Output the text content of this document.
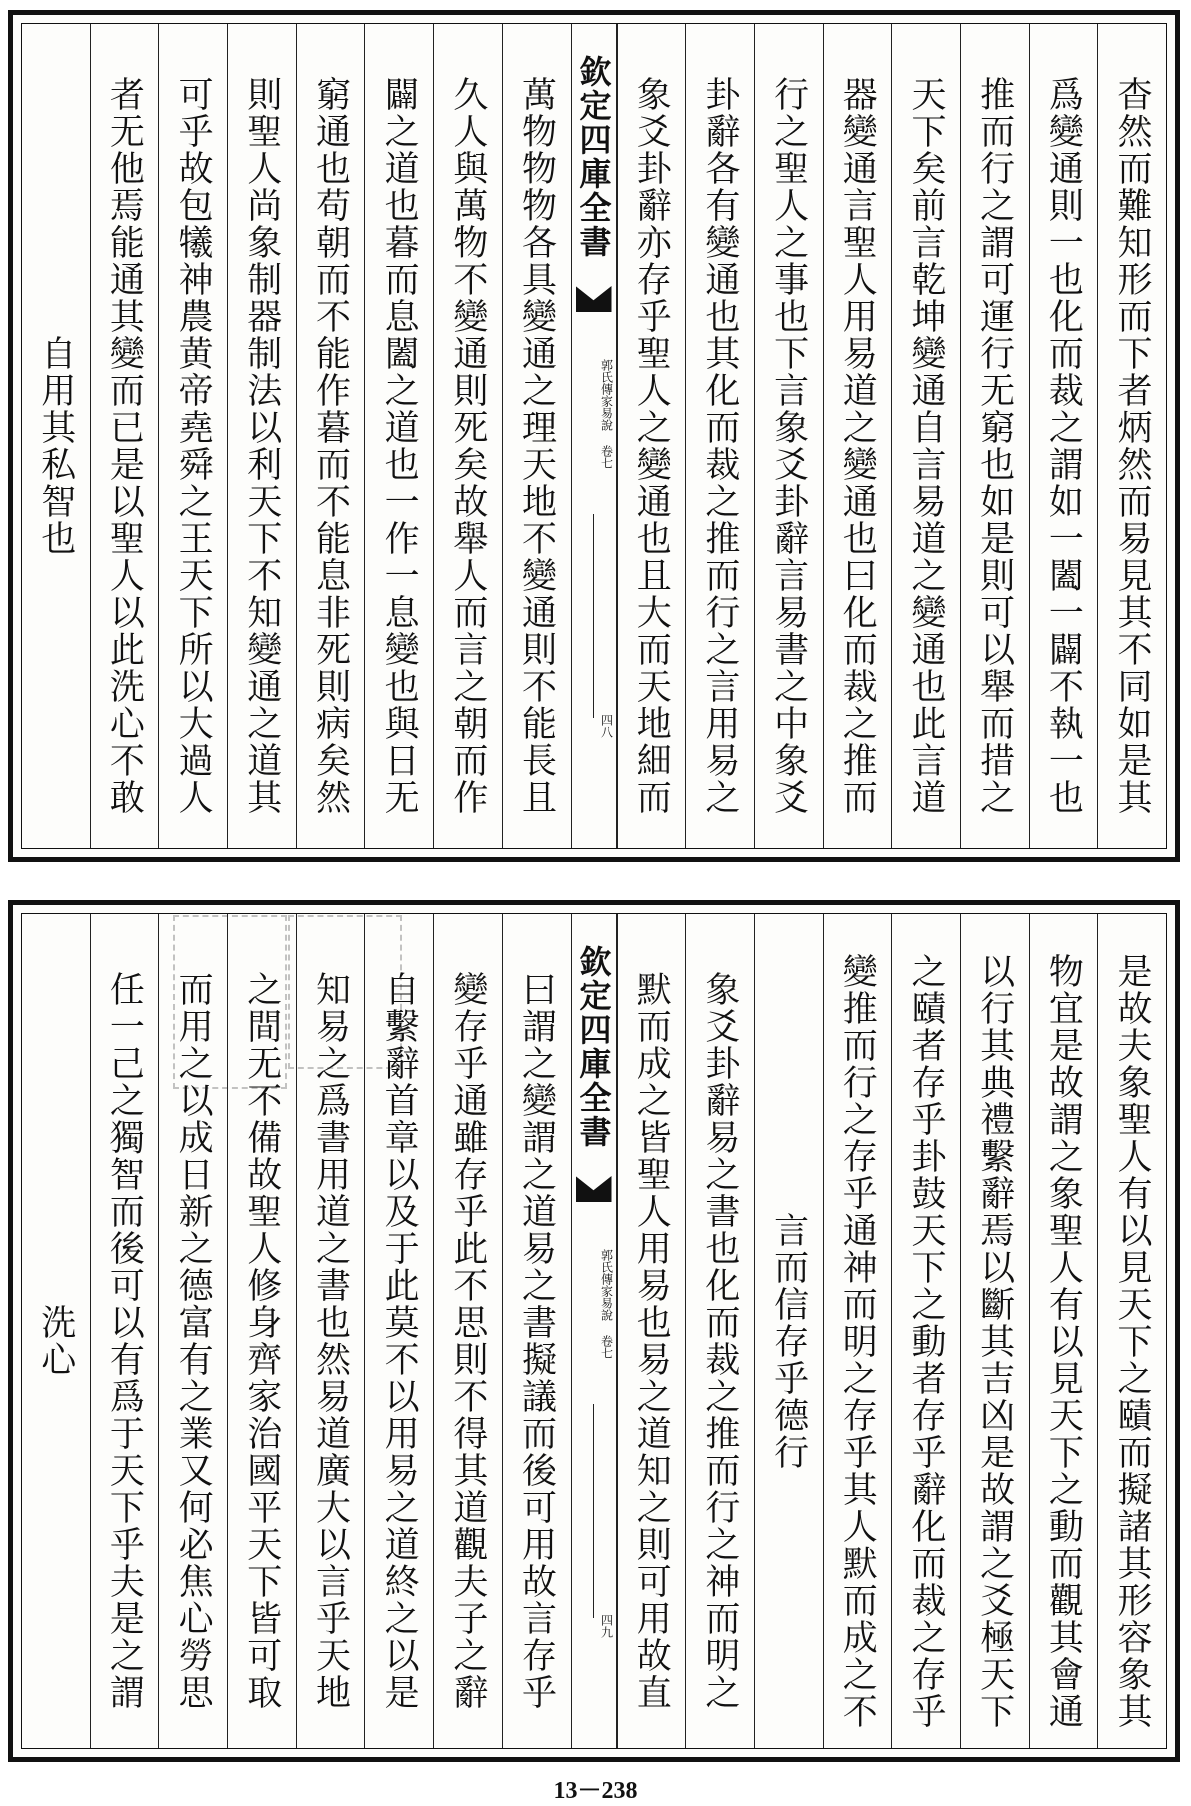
杳然而難知形而下者炳然而易見其不同如是其
爲變通則一也化而裁之謂如一闔一闢不執一也
推而行之謂可運行无窮也如是則可以舉而措之
天下矣前言乾坤變通自言易道之變通也此言道
器變通言聖人用易道之變通也曰化而裁之推而
行之聖人之事也下言象爻卦辭言易書之中象爻
卦辭各有變通也其化而裁之推而行之言用易之
象爻卦辭亦存乎聖人之變通也且大而天地細而
欽定四庫全書
郭氏傳家易說 卷七
四八
萬物物物各具變通之理天地不變通則不能長且
久人與萬物不變通則死矣故舉人而言之朝而作
闢之道也暮而息闔之道也一作一息變也與日无
窮通也苟朝而不能作暮而不能息非死則病矣然
則聖人尚象制器制法以利天下不知變通之道其
可乎故包犧神農黄帝堯舜之王天下所以大過人
者无他焉能通其變而已是以聖人以此洗心不敢
自用其私智也
是故夫象聖人有以見天下之賾而擬諸其形容象其
物宜是故謂之象聖人有以見天下之動而觀其會通
以行其典禮繫辭焉以斷其吉凶是故謂之爻極天下
之賾者存乎卦鼓天下之動者存乎辭化而裁之存乎
變推而行之存乎通神而明之存乎其人默而成之不
言而信存乎德行
象爻卦辭易之書也化而裁之推而行之神而明之
默而成之皆聖人用易也易之道知之則可用故直
欽定四庫全書
郭氏傳家易說 卷七
四九
曰謂之變謂之道易之書擬議而後可用故言存乎
變存乎通雖存乎此不思則不得其道觀夫子之辭
自繫辭首章以及于此莫不以用易之道終之以是
知易之爲書用道之書也然易道廣大以言乎天地
之間无不備故聖人修身齊家治國平天下皆可取
而用之以成日新之德富有之業又何必焦心勞思
任一己之獨智而後可以有爲于天下乎夫是之謂
洗心
13－238
